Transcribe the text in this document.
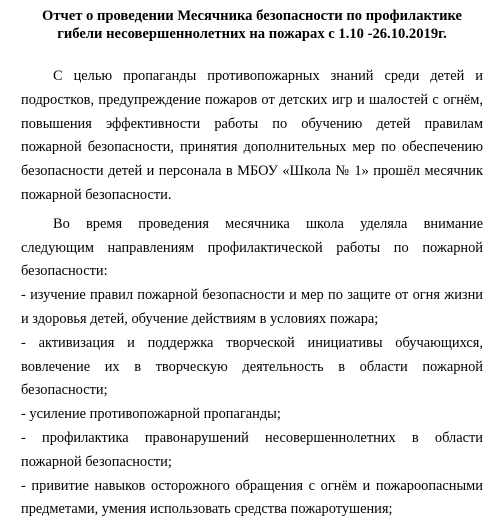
Отчет о проведении Месячника безопасности по профилактике
гибели несовершеннолетних на пожарах с 1.10 -26.10.2019г.

С целью пропаганды противопожарных знаний среди детей и подростков, предупреждение пожаров от детских игр и шалостей с огнём, повышения эффективности работы по обучению детей правилам пожарной безопасности, принятия дополнительных мер по обеспечению безопасности детей и персонала в МБОУ «Школа № 1» прошёл месячник пожарной безопасности.

Во время проведения месячника школа уделяла внимание следующим направлениям профилактической работы по пожарной безопасности:

- изучение правил пожарной безопасности и мер по защите от огня жизни и здоровья детей, обучение действиям в условиях пожара;
- активизация и поддержка творческой инициативы обучающихся, вовлечение их в творческую деятельность в области пожарной безопасности;
- усиление противопожарной пропаганды;
- профилактика правонарушений несовершеннолетних в области пожарной безопасности;
- привитие навыков осторожного обращения с огнём и пожароопасными предметами, умения использовать средства пожаротушения;
